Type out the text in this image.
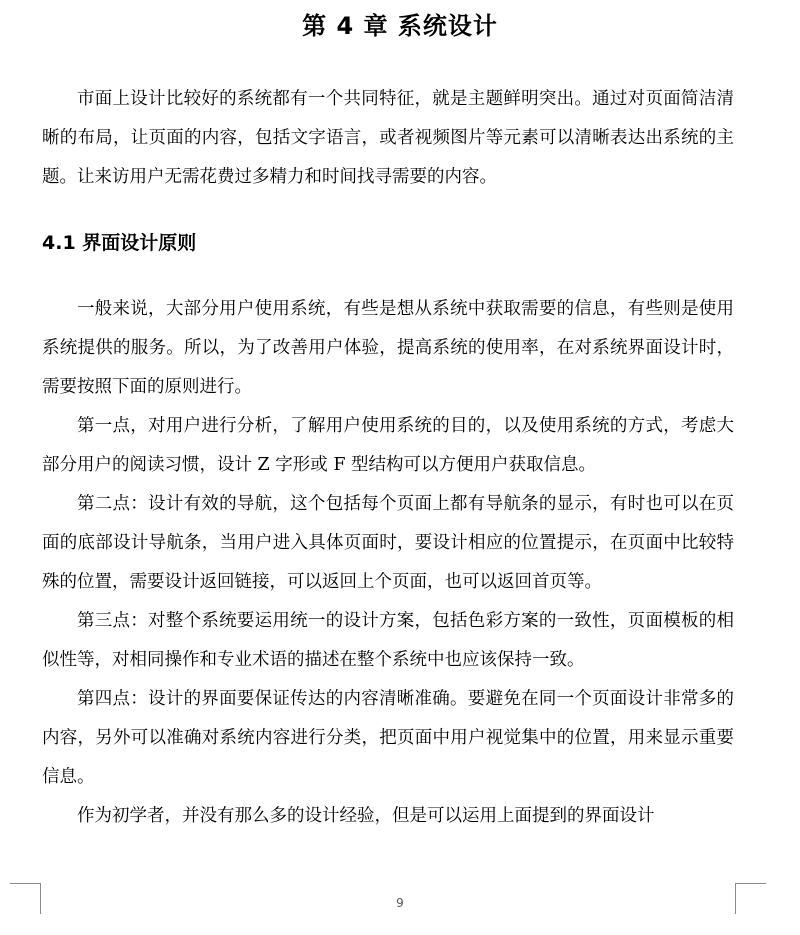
第 4 章 系统设计

市面上设计比较好的系统都有一个共同特征，就是主题鲜明突出。通过对页面简洁清晰的布局，让页面的内容，包括文字语言，或者视频图片等元素可以清晰表达出系统的主题。让来访用户无需花费过多精力和时间找寻需要的内容。

4.1 界面设计原则

一般来说，大部分用户使用系统，有些是想从系统中获取需要的信息，有些则是使用系统提供的服务。所以，为了改善用户体验，提高系统的使用率，在对系统界面设计时，需要按照下面的原则进行。

第一点，对用户进行分析，了解用户使用系统的目的，以及使用系统的方式，考虑大部分用户的阅读习惯，设计 Z 字形或 F 型结构可以方便用户获取信息。

第二点：设计有效的导航，这个包括每个页面上都有导航条的显示，有时也可以在页面的底部设计导航条，当用户进入具体页面时，要设计相应的位置提示，在页面中比较特殊的位置，需要设计返回链接，可以返回上个页面，也可以返回首页等。

第三点：对整个系统要运用统一的设计方案，包括色彩方案的一致性，页面模板的相似性等，对相同操作和专业术语的描述在整个系统中也应该保持一致。

第四点：设计的界面要保证传达的内容清晰准确。要避免在同一个页面设计非常多的内容，另外可以准确对系统内容进行分类，把页面中用户视觉集中的位置，用来显示重要信息。

作为初学者，并没有那么多的设计经验，但是可以运用上面提到的界面设计

9
